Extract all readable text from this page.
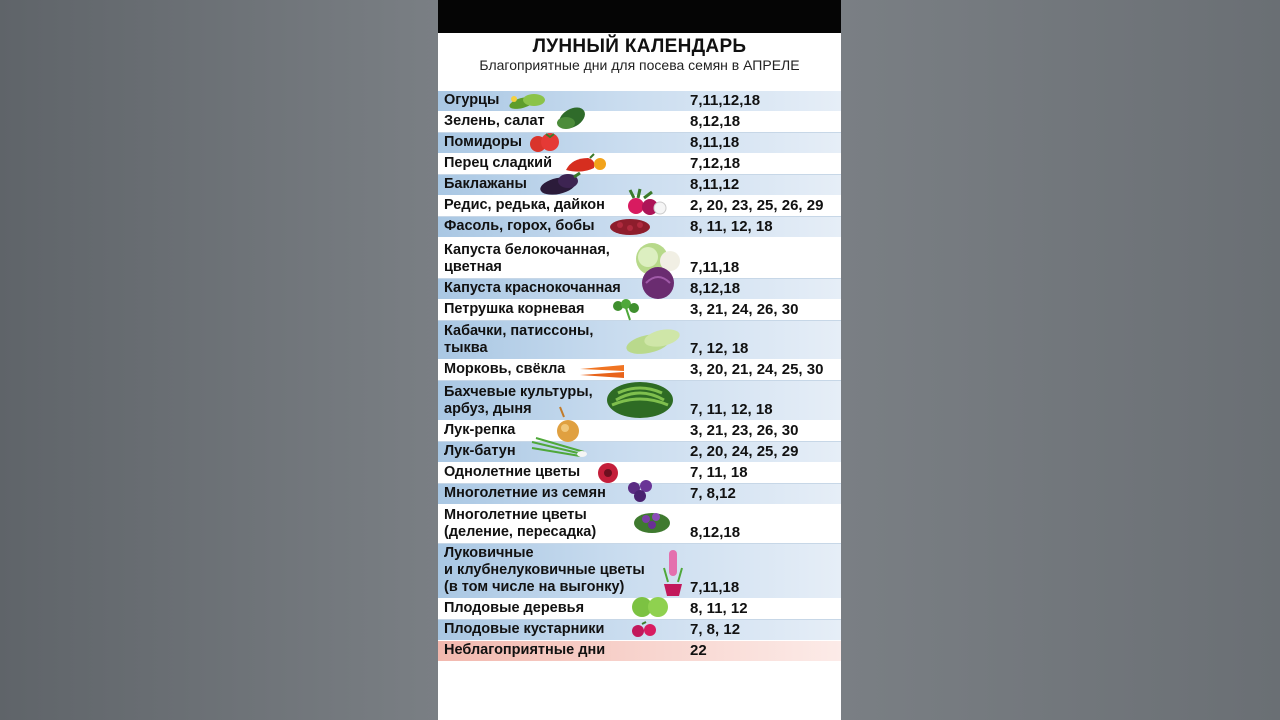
ЛУННЫЙ КАЛЕНДАРЬ
Благоприятные дни для посева семян в АПРЕЛЕ
Огурцы	7,11,12,18
Зелень, салат	8,12,18
Помидоры	8,11,18
Перец сладкий	7,12,18
Баклажаны	8,11,12
Редис, редька, дайкон	2, 20, 23, 25, 26, 29
Фасоль, горох, бобы	8, 11, 12, 18
Капуста белокочанная,
цветная	7,11,18
Капуста краснокочанная	8,12,18
Петрушка корневая	3, 21, 24, 26, 30
Кабачки, патиссоны,
тыква	7, 12, 18
Морковь, свёкла	3, 20, 21, 24, 25, 30
Бахчевые культуры,
арбуз, дыня	7, 11, 12, 18
Лук-репка	3, 21, 23, 26, 30
Лук-батун	2, 20, 24, 25, 29
Однолетние цветы	7, 11, 18
Многолетние из семян	7, 8,12
Многолетние цветы
(деление, пересадка)	8,12,18
Луковичные
и клубнелуковичные цветы
(в том числе на выгонку)	7,11,18
Плодовые деревья	8, 11, 12
Плодовые кустарники	7, 8, 12
Неблагоприятные дни	22
